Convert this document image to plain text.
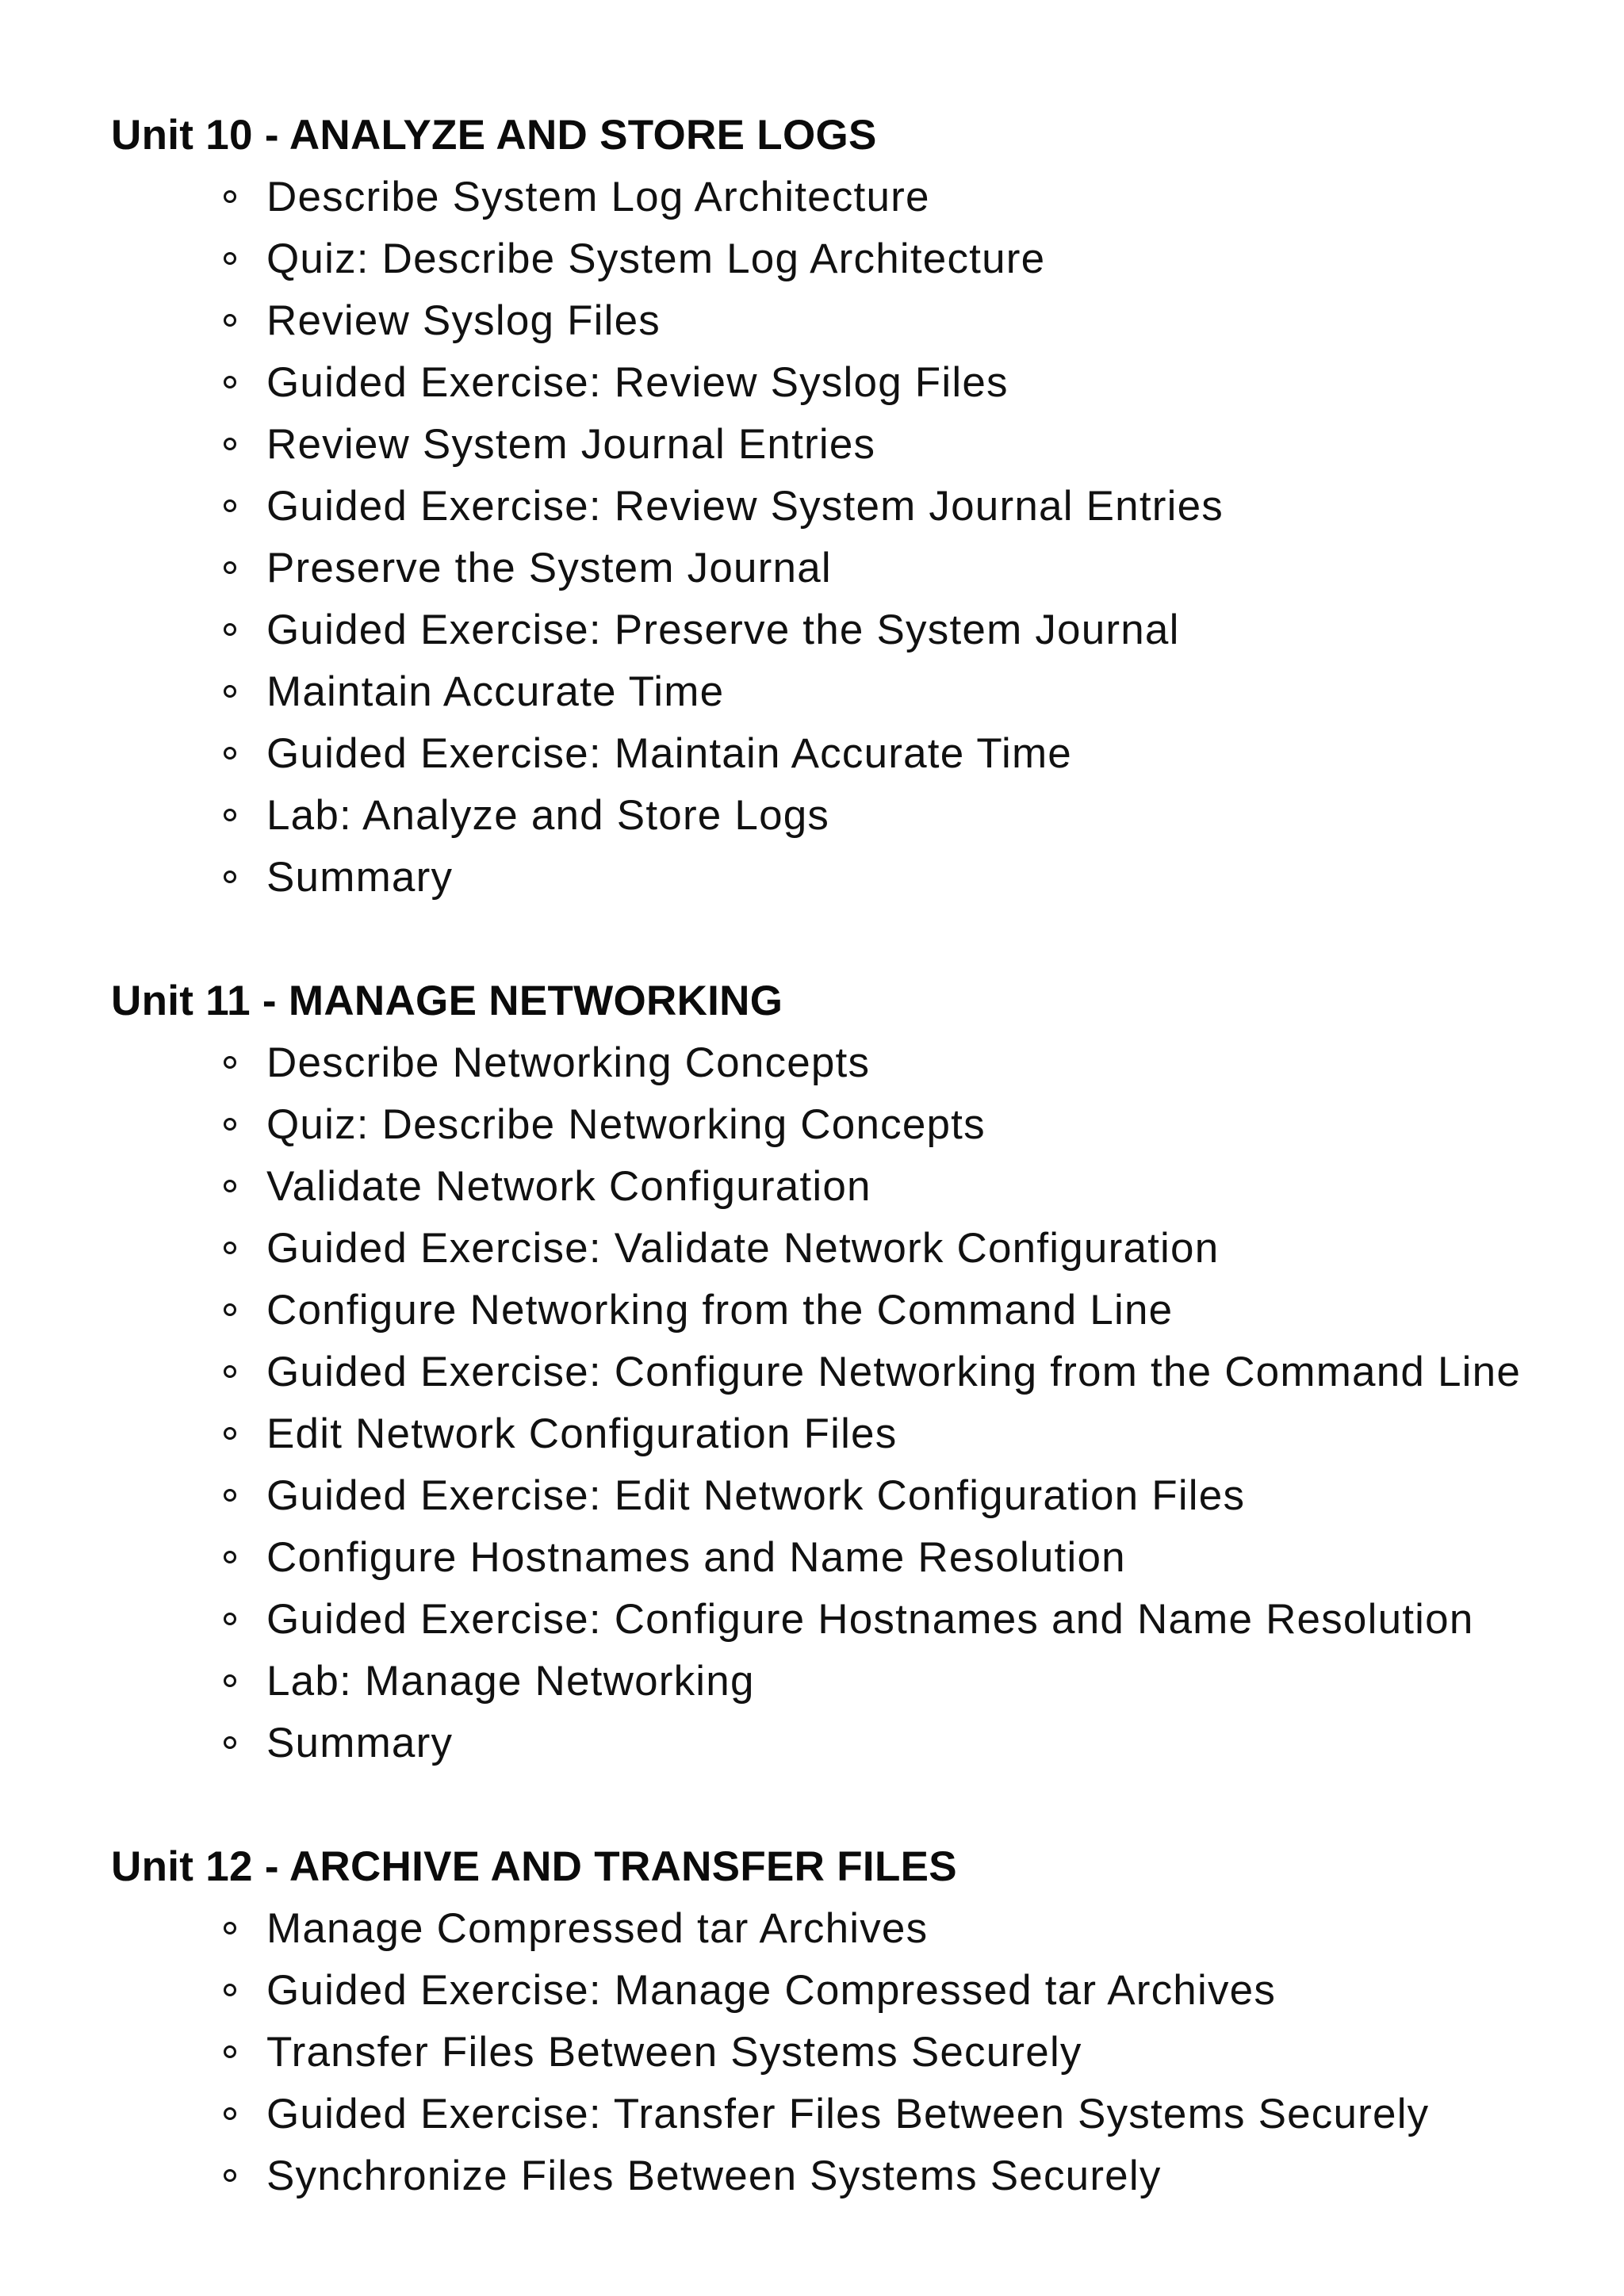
Unit 10 - ANALYZE AND STORE LOGS
Describe System Log Architecture
Quiz: Describe System Log Architecture
Review Syslog Files
Guided Exercise: Review Syslog Files
Review System Journal Entries
Guided Exercise: Review System Journal Entries
Preserve the System Journal
Guided Exercise: Preserve the System Journal
Maintain Accurate Time
Guided Exercise: Maintain Accurate Time
Lab: Analyze and Store Logs
Summary
Unit 11 - MANAGE NETWORKING
Describe Networking Concepts
Quiz: Describe Networking Concepts
Validate Network Configuration
Guided Exercise: Validate Network Configuration
Configure Networking from the Command Line
Guided Exercise: Configure Networking from the Command Line
Edit Network Configuration Files
Guided Exercise: Edit Network Configuration Files
Configure Hostnames and Name Resolution
Guided Exercise: Configure Hostnames and Name Resolution
Lab: Manage Networking
Summary
Unit 12 - ARCHIVE AND TRANSFER FILES
Manage Compressed tar Archives
Guided Exercise: Manage Compressed tar Archives
Transfer Files Between Systems Securely
Guided Exercise: Transfer Files Between Systems Securely
Synchronize Files Between Systems Securely
